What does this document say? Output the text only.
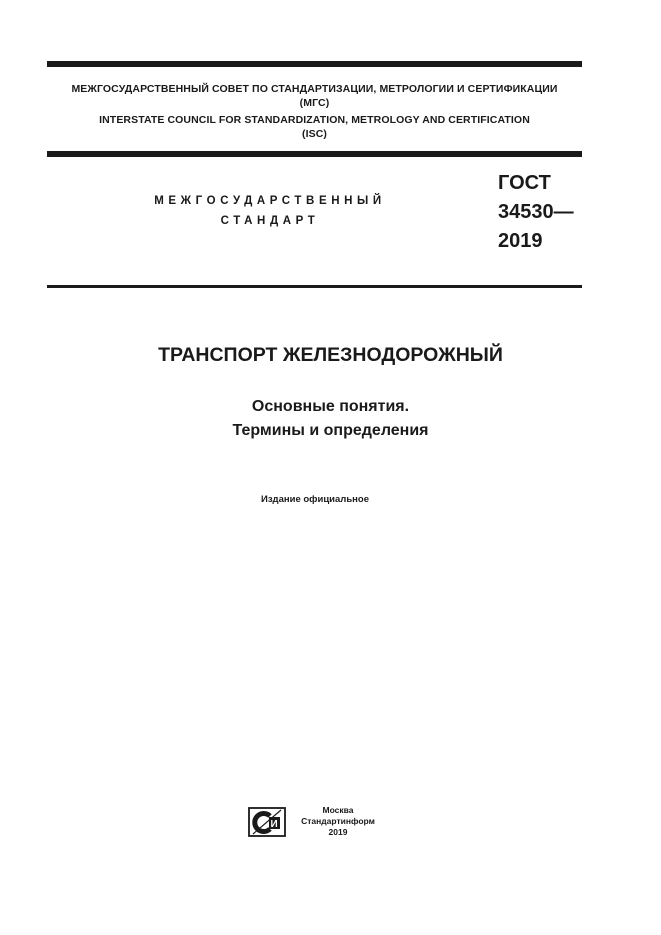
МЕЖГОСУДАРСТВЕННЫЙ СОВЕТ ПО СТАНДАРТИЗАЦИИ, МЕТРОЛОГИИ И СЕРТИФИКАЦИИ
(МГС)
INTERSTATE COUNCIL FOR STANDARDIZATION, METROLOGY AND CERTIFICATION
(ISC)
МЕЖГОСУДАРСТВЕННЫЙ
СТАНДАРТ
ГОСТ
34530—
2019
ТРАНСПОРТ ЖЕЛЕЗНОДОРОЖНЫЙ
Основные понятия.
Термины и определения
Издание официальное
И
Москва
Стандартинформ
2019
